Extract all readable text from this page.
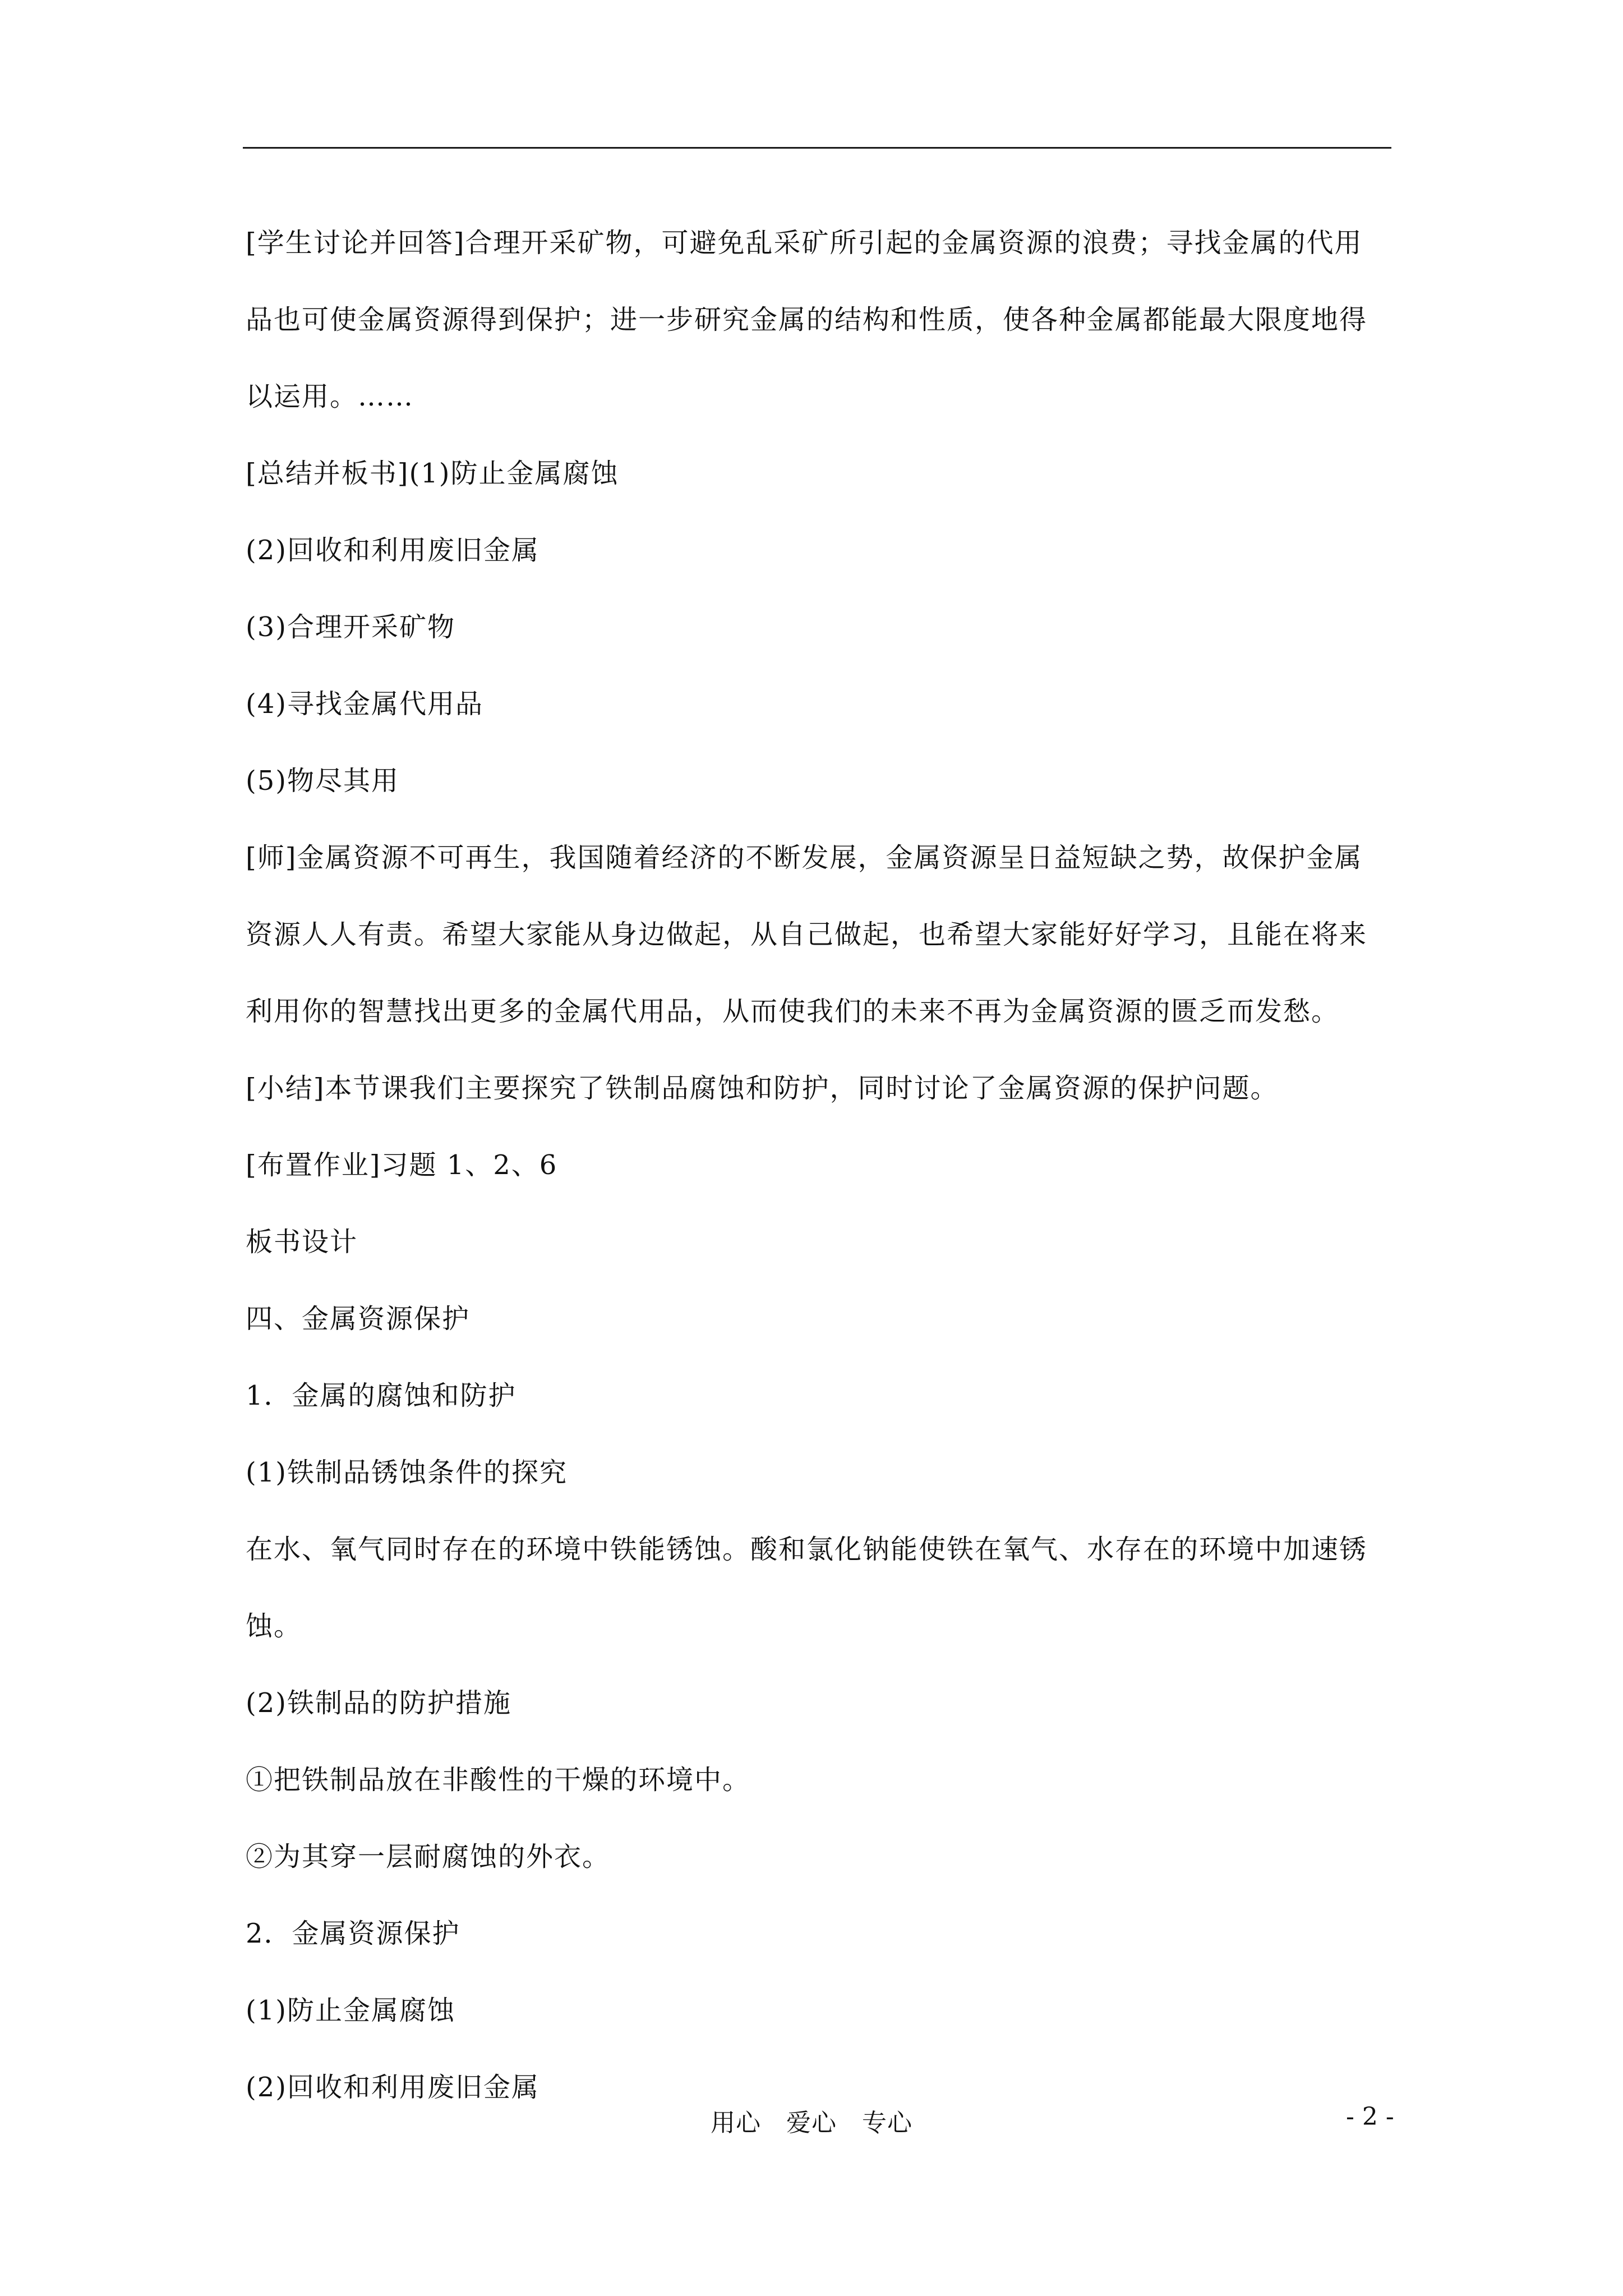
[学生讨论并回答]合理开采矿物，可避免乱采矿所引起的金属资源的浪费；寻找金属的代用
品也可使金属资源得到保护；进一步研究金属的结构和性质，使各种金属都能最大限度地得
以运用。……
[总结并板书](1)防止金属腐蚀
(2)回收和利用废旧金属
(3)合理开采矿物
(4)寻找金属代用品
(5)物尽其用
[师]金属资源不可再生，我国随着经济的不断发展，金属资源呈日益短缺之势，故保护金属
资源人人有责。希望大家能从身边做起，从自己做起，也希望大家能好好学习，且能在将来
利用你的智慧找出更多的金属代用品，从而使我们的未来不再为金属资源的匮乏而发愁。
[小结]本节课我们主要探究了铁制品腐蚀和防护，同时讨论了金属资源的保护问题。
[布置作业]习题 1、2、6
板书设计
四、金属资源保护
1．金属的腐蚀和防护
(1)铁制品锈蚀条件的探究
在水、氧气同时存在的环境中铁能锈蚀。酸和氯化钠能使铁在氧气、水存在的环境中加速锈
蚀。
(2)铁制品的防护措施
①把铁制品放在非酸性的干燥的环境中。
②为其穿一层耐腐蚀的外衣。
2．金属资源保护
(1)防止金属腐蚀
(2)回收和利用废旧金属
用心   爱心   专心	- 2 -
